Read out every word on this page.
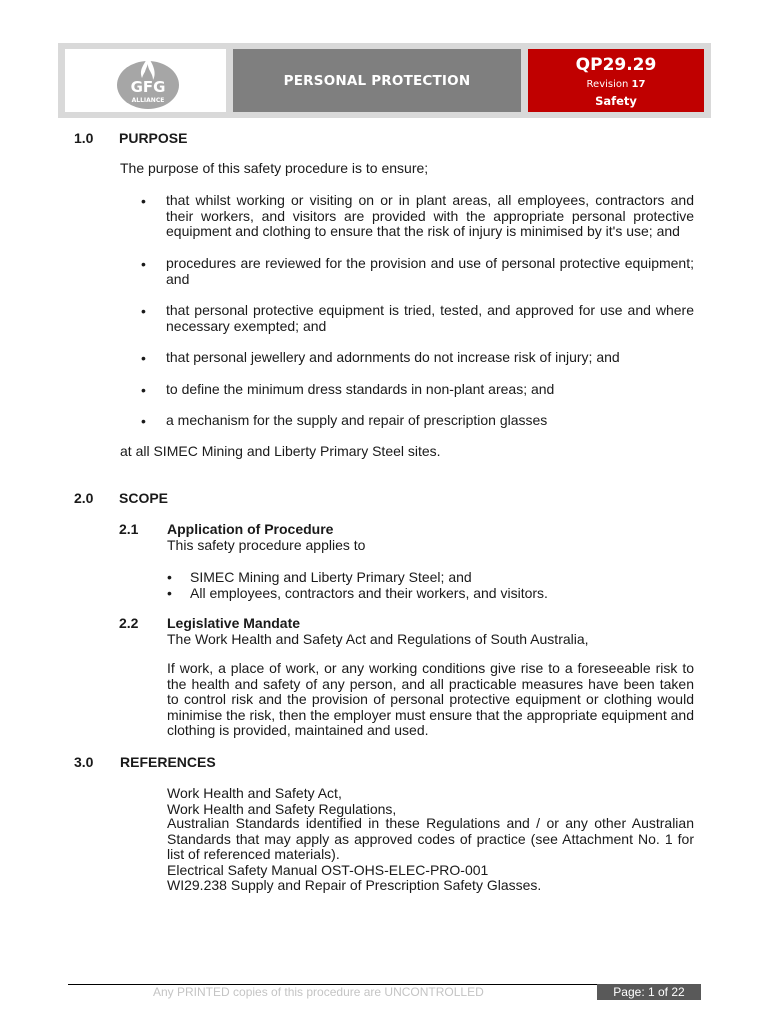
GFG
ALLIANCE
PERSONAL PROTECTION
QP29.29
Revision 17
Safety
1.0 PURPOSE
The purpose of this safety procedure is to ensure;
• that whilst working or visiting on or in plant areas, all employees, contractors and their workers, and visitors are provided with the appropriate personal protective equipment and clothing to ensure that the risk of injury is minimised by it's use; and
• procedures are reviewed for the provision and use of personal protective equipment; and
• that personal protective equipment is tried, tested, and approved for use and where necessary exempted; and
• that personal jewellery and adornments do not increase risk of injury; and
• to define the minimum dress standards in non-plant areas; and
• a mechanism for the supply and repair of prescription glasses
at all SIMEC Mining and Liberty Primary Steel sites.
2.0 SCOPE
2.1 Application of Procedure
This safety procedure applies to
• SIMEC Mining and Liberty Primary Steel; and
• All employees, contractors and their workers, and visitors.
2.2 Legislative Mandate
The Work Health and Safety Act and Regulations of South Australia,
If work, a place of work, or any working conditions give rise to a foreseeable risk to the health and safety of any person, and all practicable measures have been taken to control risk and the provision of personal protective equipment or clothing would minimise the risk, then the employer must ensure that the appropriate equipment and clothing is provided, maintained and used.
3.0 REFERENCES
Work Health and Safety Act,
Work Health and Safety Regulations,
Australian Standards identified in these Regulations and / or any other Australian Standards that may apply as approved codes of practice (see Attachment No. 1 for list of referenced materials).
Electrical Safety Manual OST-OHS-ELEC-PRO-001
WI29.238 Supply and Repair of Prescription Safety Glasses.
Any PRINTED copies of this procedure are UNCONTROLLED	Page: 1 of 22
